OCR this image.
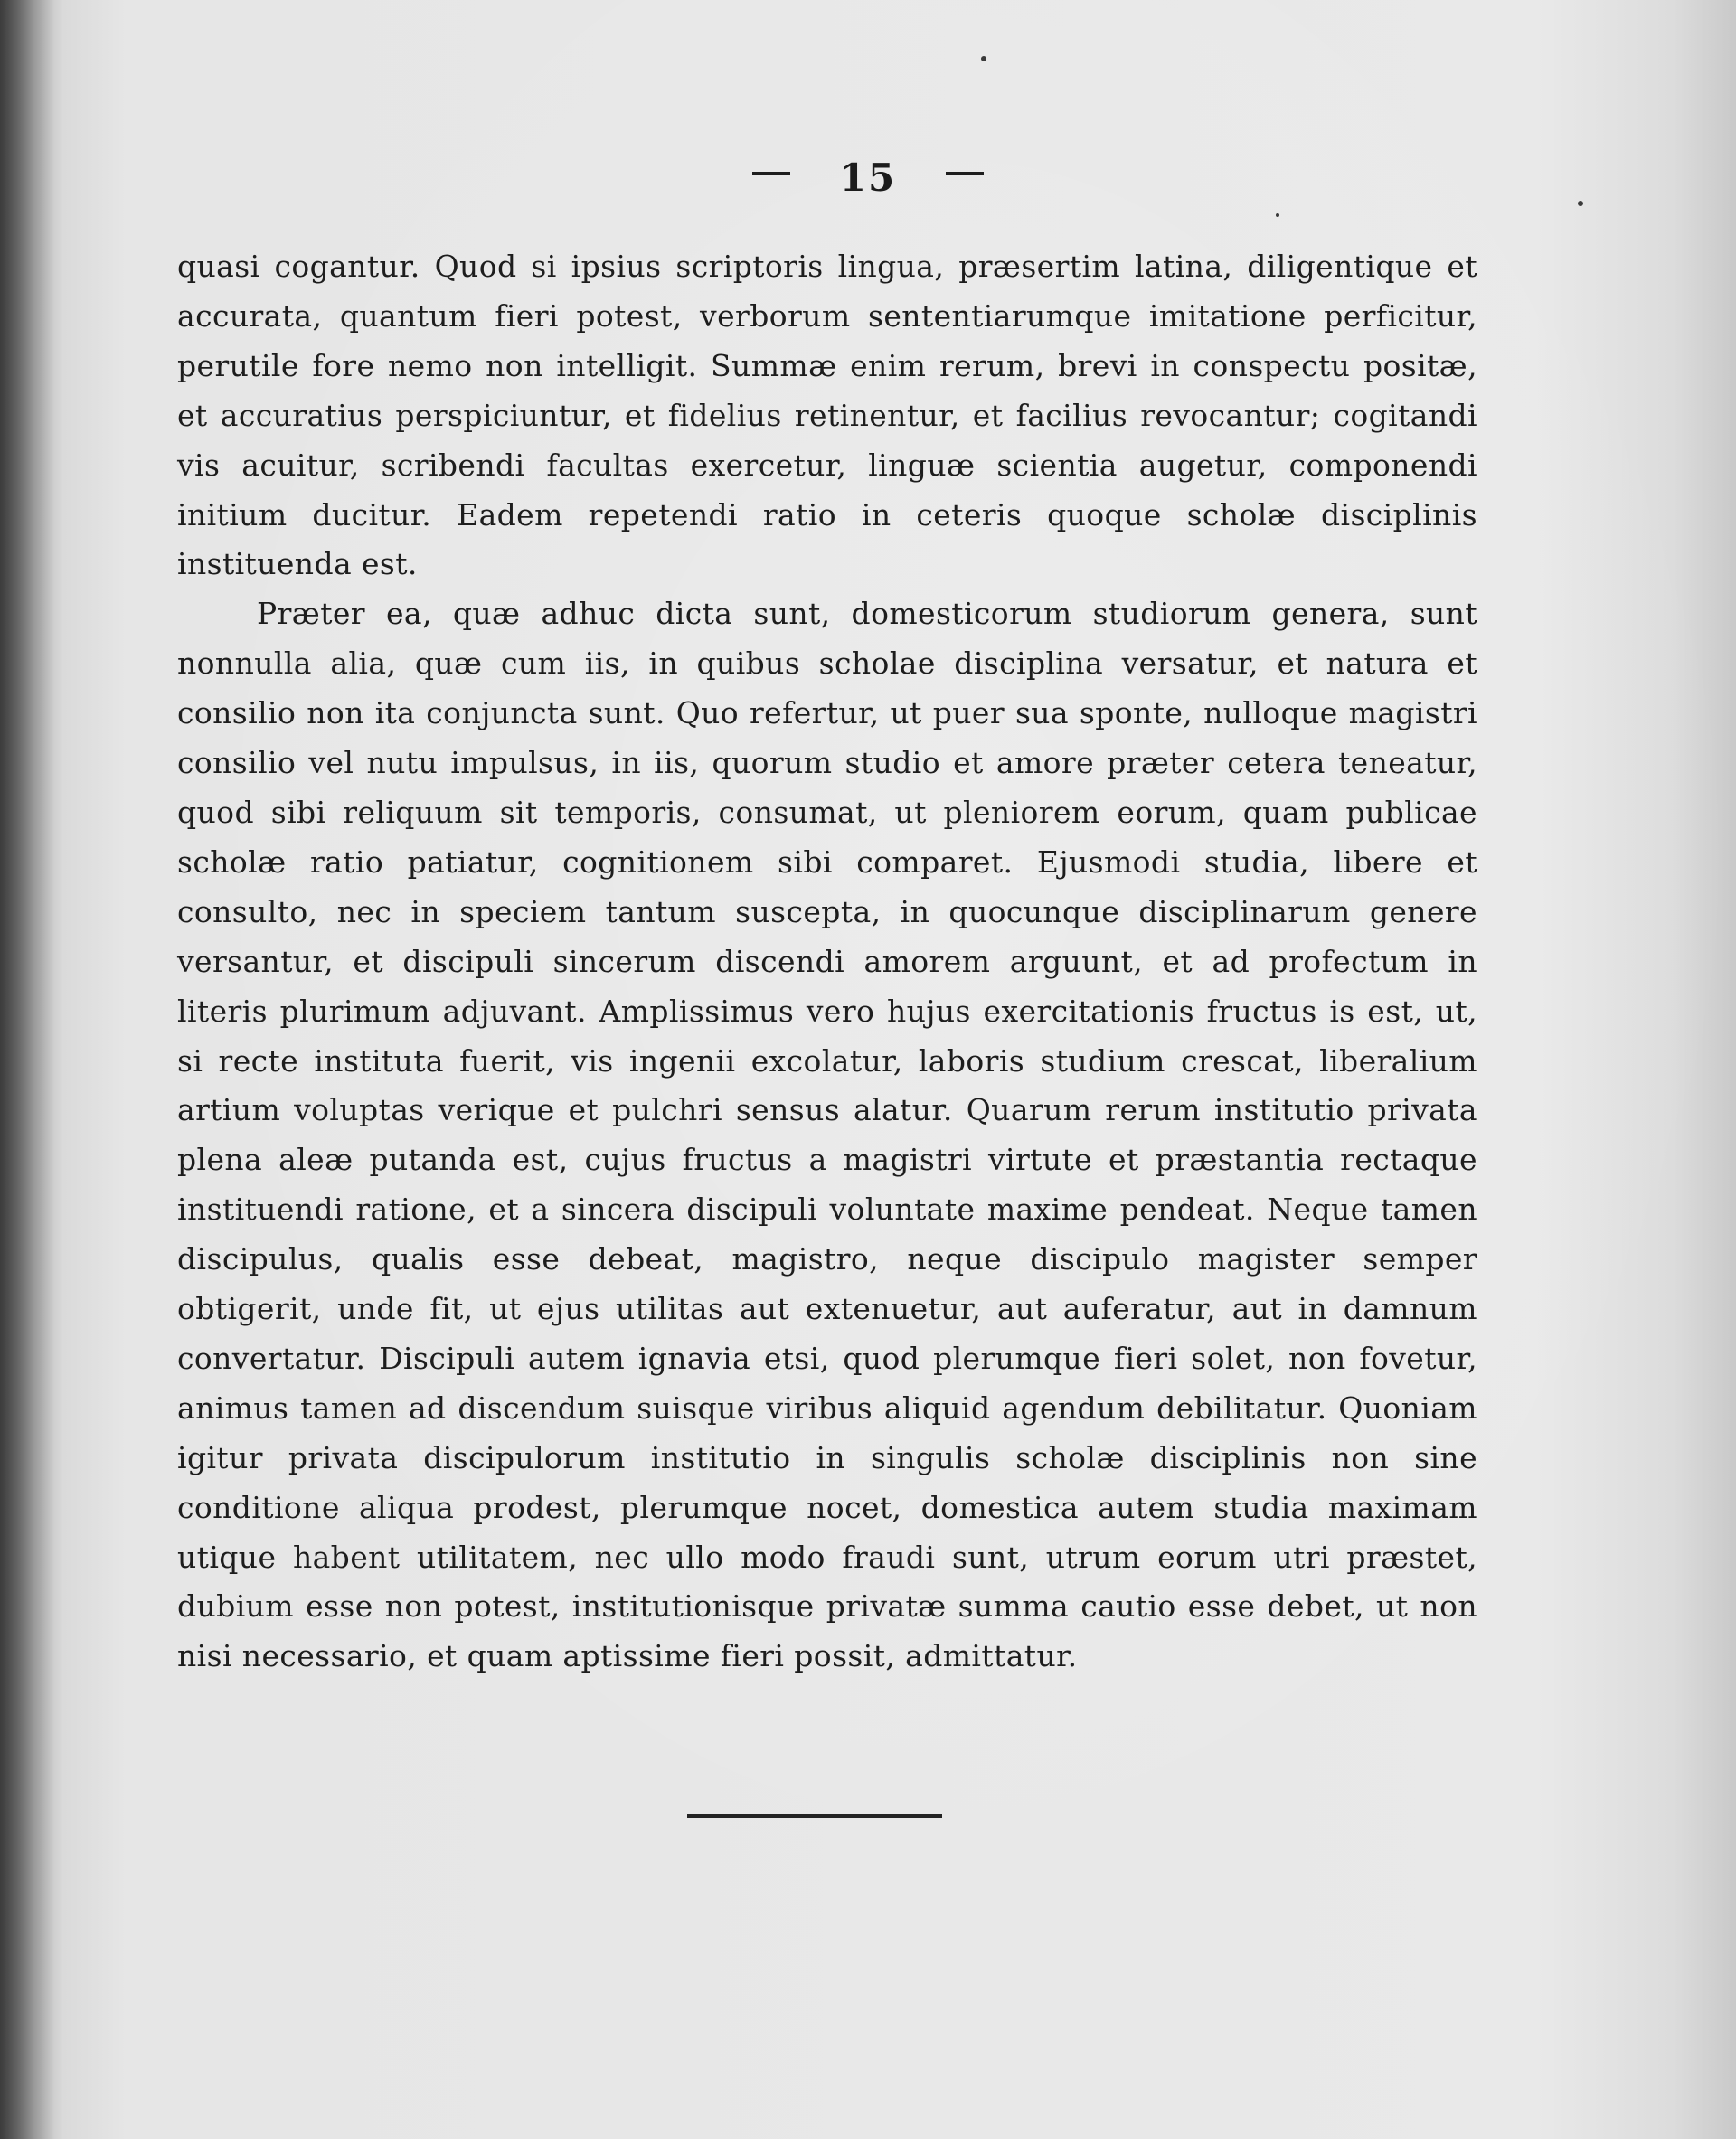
15

quasi cogantur. Quod si ipsius scriptoris lingua, præsertim latina, diligentique et accurata, quantum fieri potest, verborum sententiarumque imitatione perficitur, perutile fore nemo non intelligit. Summæ enim rerum, brevi in conspectu positæ, et accuratius perspiciuntur, et fidelius retinentur, et facilius revocantur; cogitandi vis acuitur, scribendi facultas exercetur, linguæ scientia augetur, componendi initium ducitur. Eadem repetendi ratio in ceteris quoque scholæ disciplinis instituenda est.

Præter ea, quæ adhuc dicta sunt, domesticorum studiorum genera, sunt nonnulla alia, quæ cum iis, in quibus scholae disciplina versatur, et natura et consilio non ita conjuncta sunt. Quo refertur, ut puer sua sponte, nulloque magistri consilio vel nutu impulsus, in iis, quorum studio et amore præter cetera teneatur, quod sibi reliquum sit temporis, consumat, ut pleniorem eorum, quam publicae scholæ ratio patiatur, cognitionem sibi comparet. Ejusmodi studia, libere et consulto, nec in speciem tantum suscepta, in quocunque disciplinarum genere versantur, et discipuli sincerum discendi amorem arguunt, et ad profectum in literis plurimum adjuvant. Amplissimus vero hujus exercitationis fructus is est, ut, si recte instituta fuerit, vis ingenii excolatur, laboris studium crescat, liberalium artium voluptas verique et pulchri sensus alatur. Quarum rerum institutio privata plena aleæ putanda est, cujus fructus a magistri virtute et præstantia rectaque instituendi ratione, et a sincera discipuli voluntate maxime pendeat. Neque tamen discipulus, qualis esse debeat, magistro, neque discipulo magister semper obtigerit, unde fit, ut ejus utilitas aut extenuetur, aut auferatur, aut in damnum convertatur. Discipuli autem ignavia etsi, quod plerumque fieri solet, non fovetur, animus tamen ad discendum suisque viribus aliquid agendum debilitatur. Quoniam igitur privata discipulorum institutio in singulis scholæ disciplinis non sine conditione aliqua prodest, plerumque nocet, domestica autem studia maximam utique habent utilitatem, nec ullo modo fraudi sunt, utrum eorum utri præstet, dubium esse non potest, institutionisque privatæ summa cautio esse debet, ut non nisi necessario, et quam aptissime fieri possit, admittatur.
